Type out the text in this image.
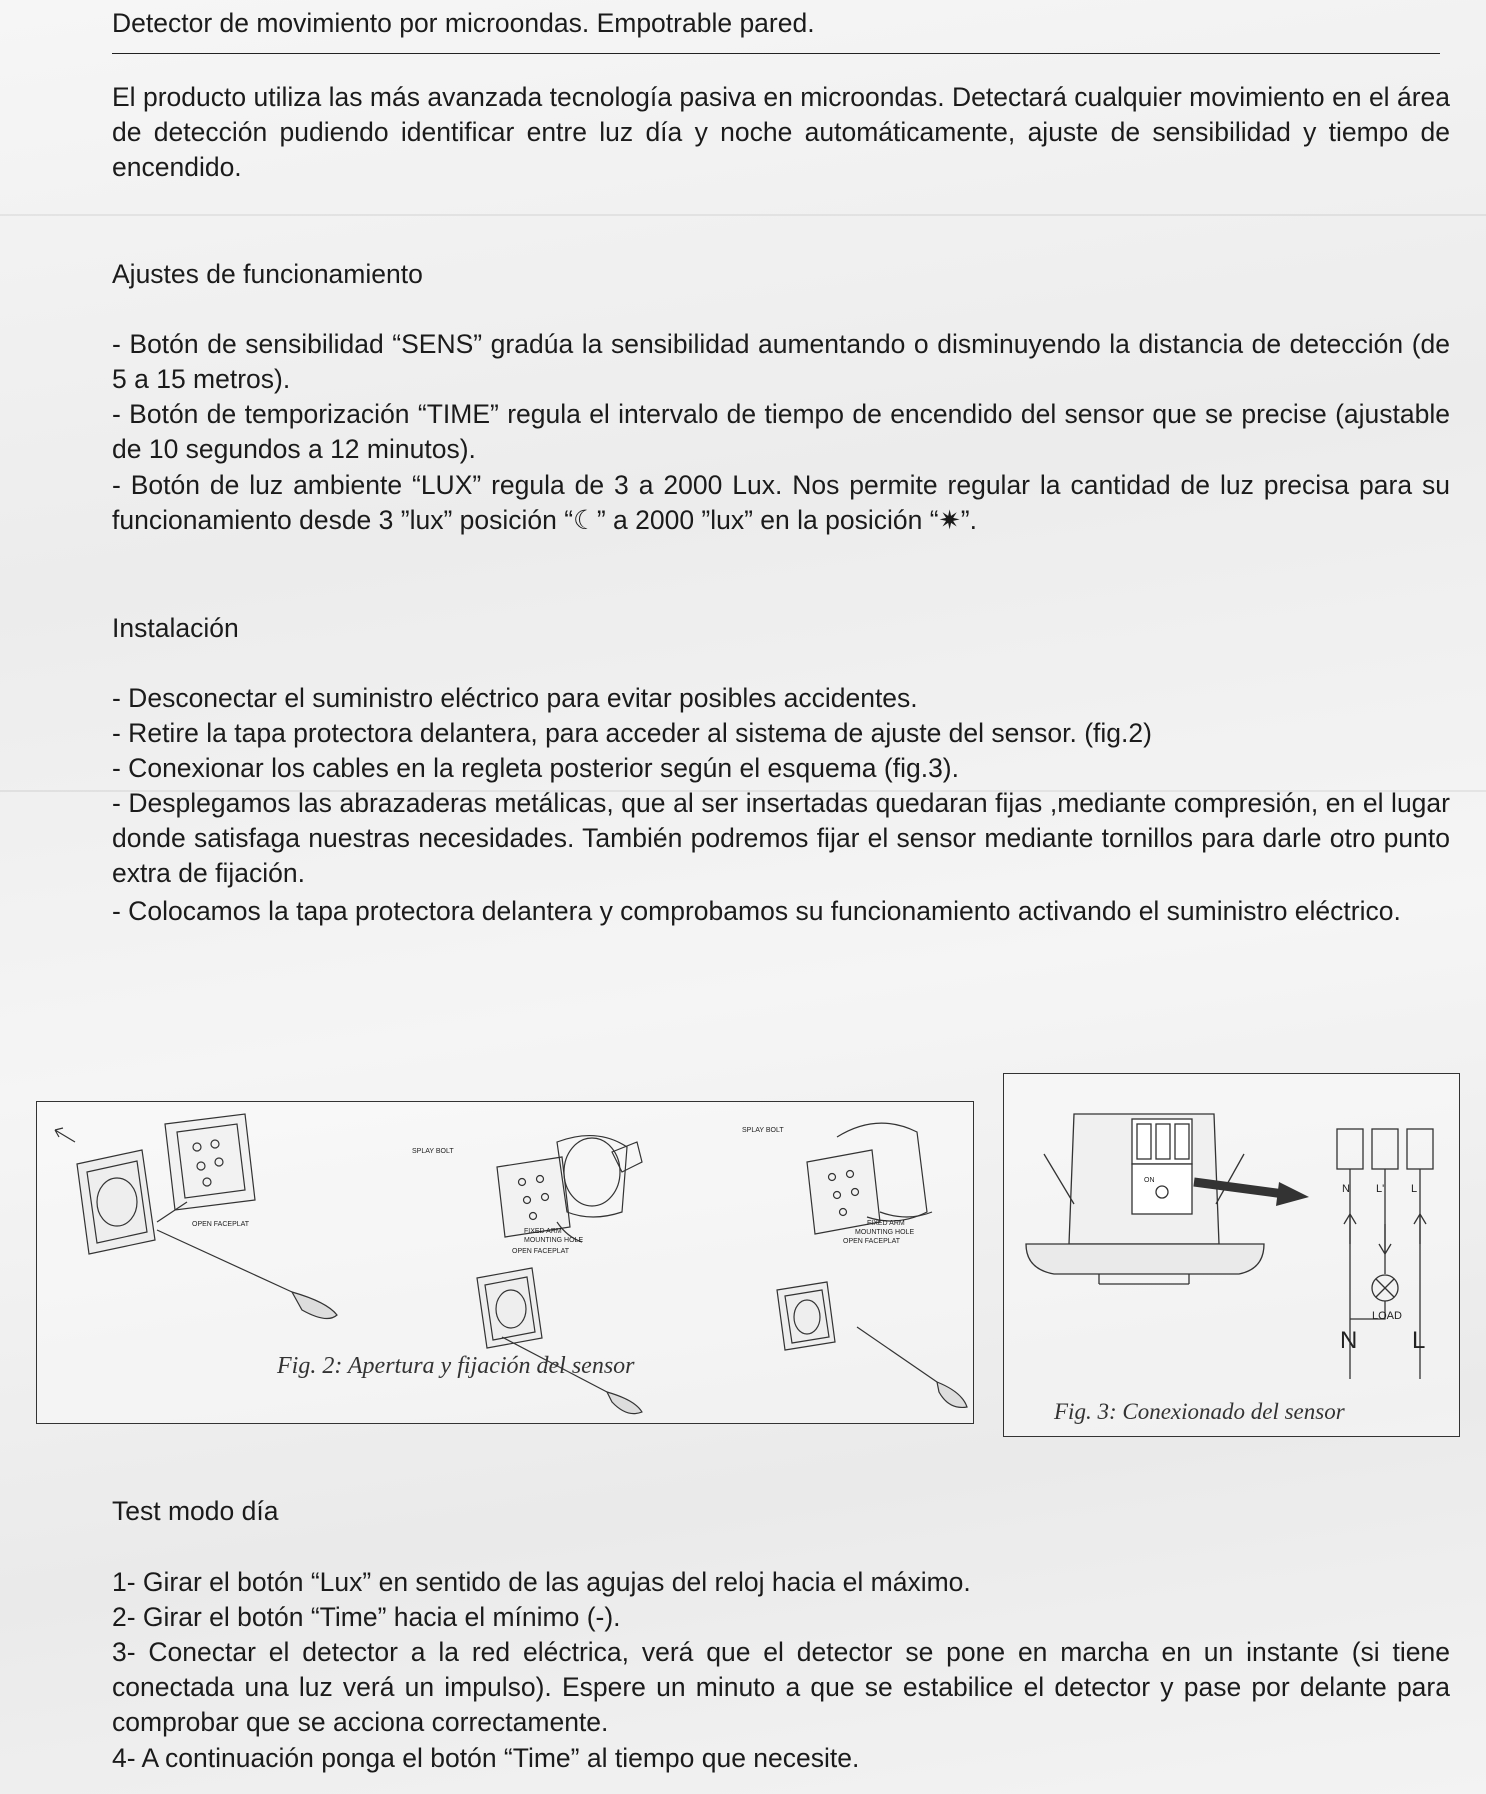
Detector de movimiento por microondas. Empotrable pared.

El producto utiliza las más avanzada tecnología pasiva en microondas. Detectará cualquier movimiento en el área de detección pudiendo identificar entre luz día y noche automáticamente, ajuste de sensibilidad y tiempo de encendido.

Ajustes de funcionamiento

- Botón de sensibilidad “SENS” gradúa la sensibilidad aumentando o disminuyendo la distancia de detección (de 5 a 15 metros).

- Botón de temporización “TIME” regula el intervalo de tiempo de encendido del sensor que se precise (ajustable de 10 segundos a 12 minutos).

- Botón de luz ambiente “LUX” regula de 3 a 2000 Lux. Nos permite regular la cantidad de luz precisa para su funcionamiento desde 3 ”lux” posición “☾” a 2000 ”lux” en la posición “✷”.

Instalación

- Desconectar el suministro eléctrico para evitar posibles accidentes.

- Retire la tapa protectora delantera, para acceder al sistema de ajuste del sensor. (fig.2)

- Conexionar los cables en la regleta posterior según el esquema (fig.3).

- Desplegamos las abrazaderas metálicas, que al ser insertadas quedaran fijas ,mediante compresión, en el lugar donde satisfaga nuestras necesidades. También podremos fijar el sensor mediante tornillos para darle otro punto extra de fijación.

- Colocamos la tapa protectora delantera y comprobamos su funcionamiento activando el suministro eléctrico.

OPEN FACEPLAT
SPLAY BOLT
FIXED ARM
MOUNTING HOLE
OPEN FACEPLAT
SPLAY BOLT
FIXED ARM
MOUNTING HOLE
OPEN FACEPLAT
Fig. 2: Apertura y fijación del sensor
ON
N L' L
LOAD
N L
Fig. 3: Conexionado del sensor

Test modo día

1- Girar el botón “Lux” en sentido de las agujas del reloj hacia el máximo.

2- Girar el botón “Time” hacia el mínimo (-).

3- Conectar el detector a la red eléctrica, verá que el detector se pone en marcha en un instante (si tiene conectada una luz verá un impulso). Espere un minuto a que se estabilice el detector y pase por delante para comprobar que se acciona correctamente.

4- A continuación ponga el botón “Time” al tiempo que necesite.
